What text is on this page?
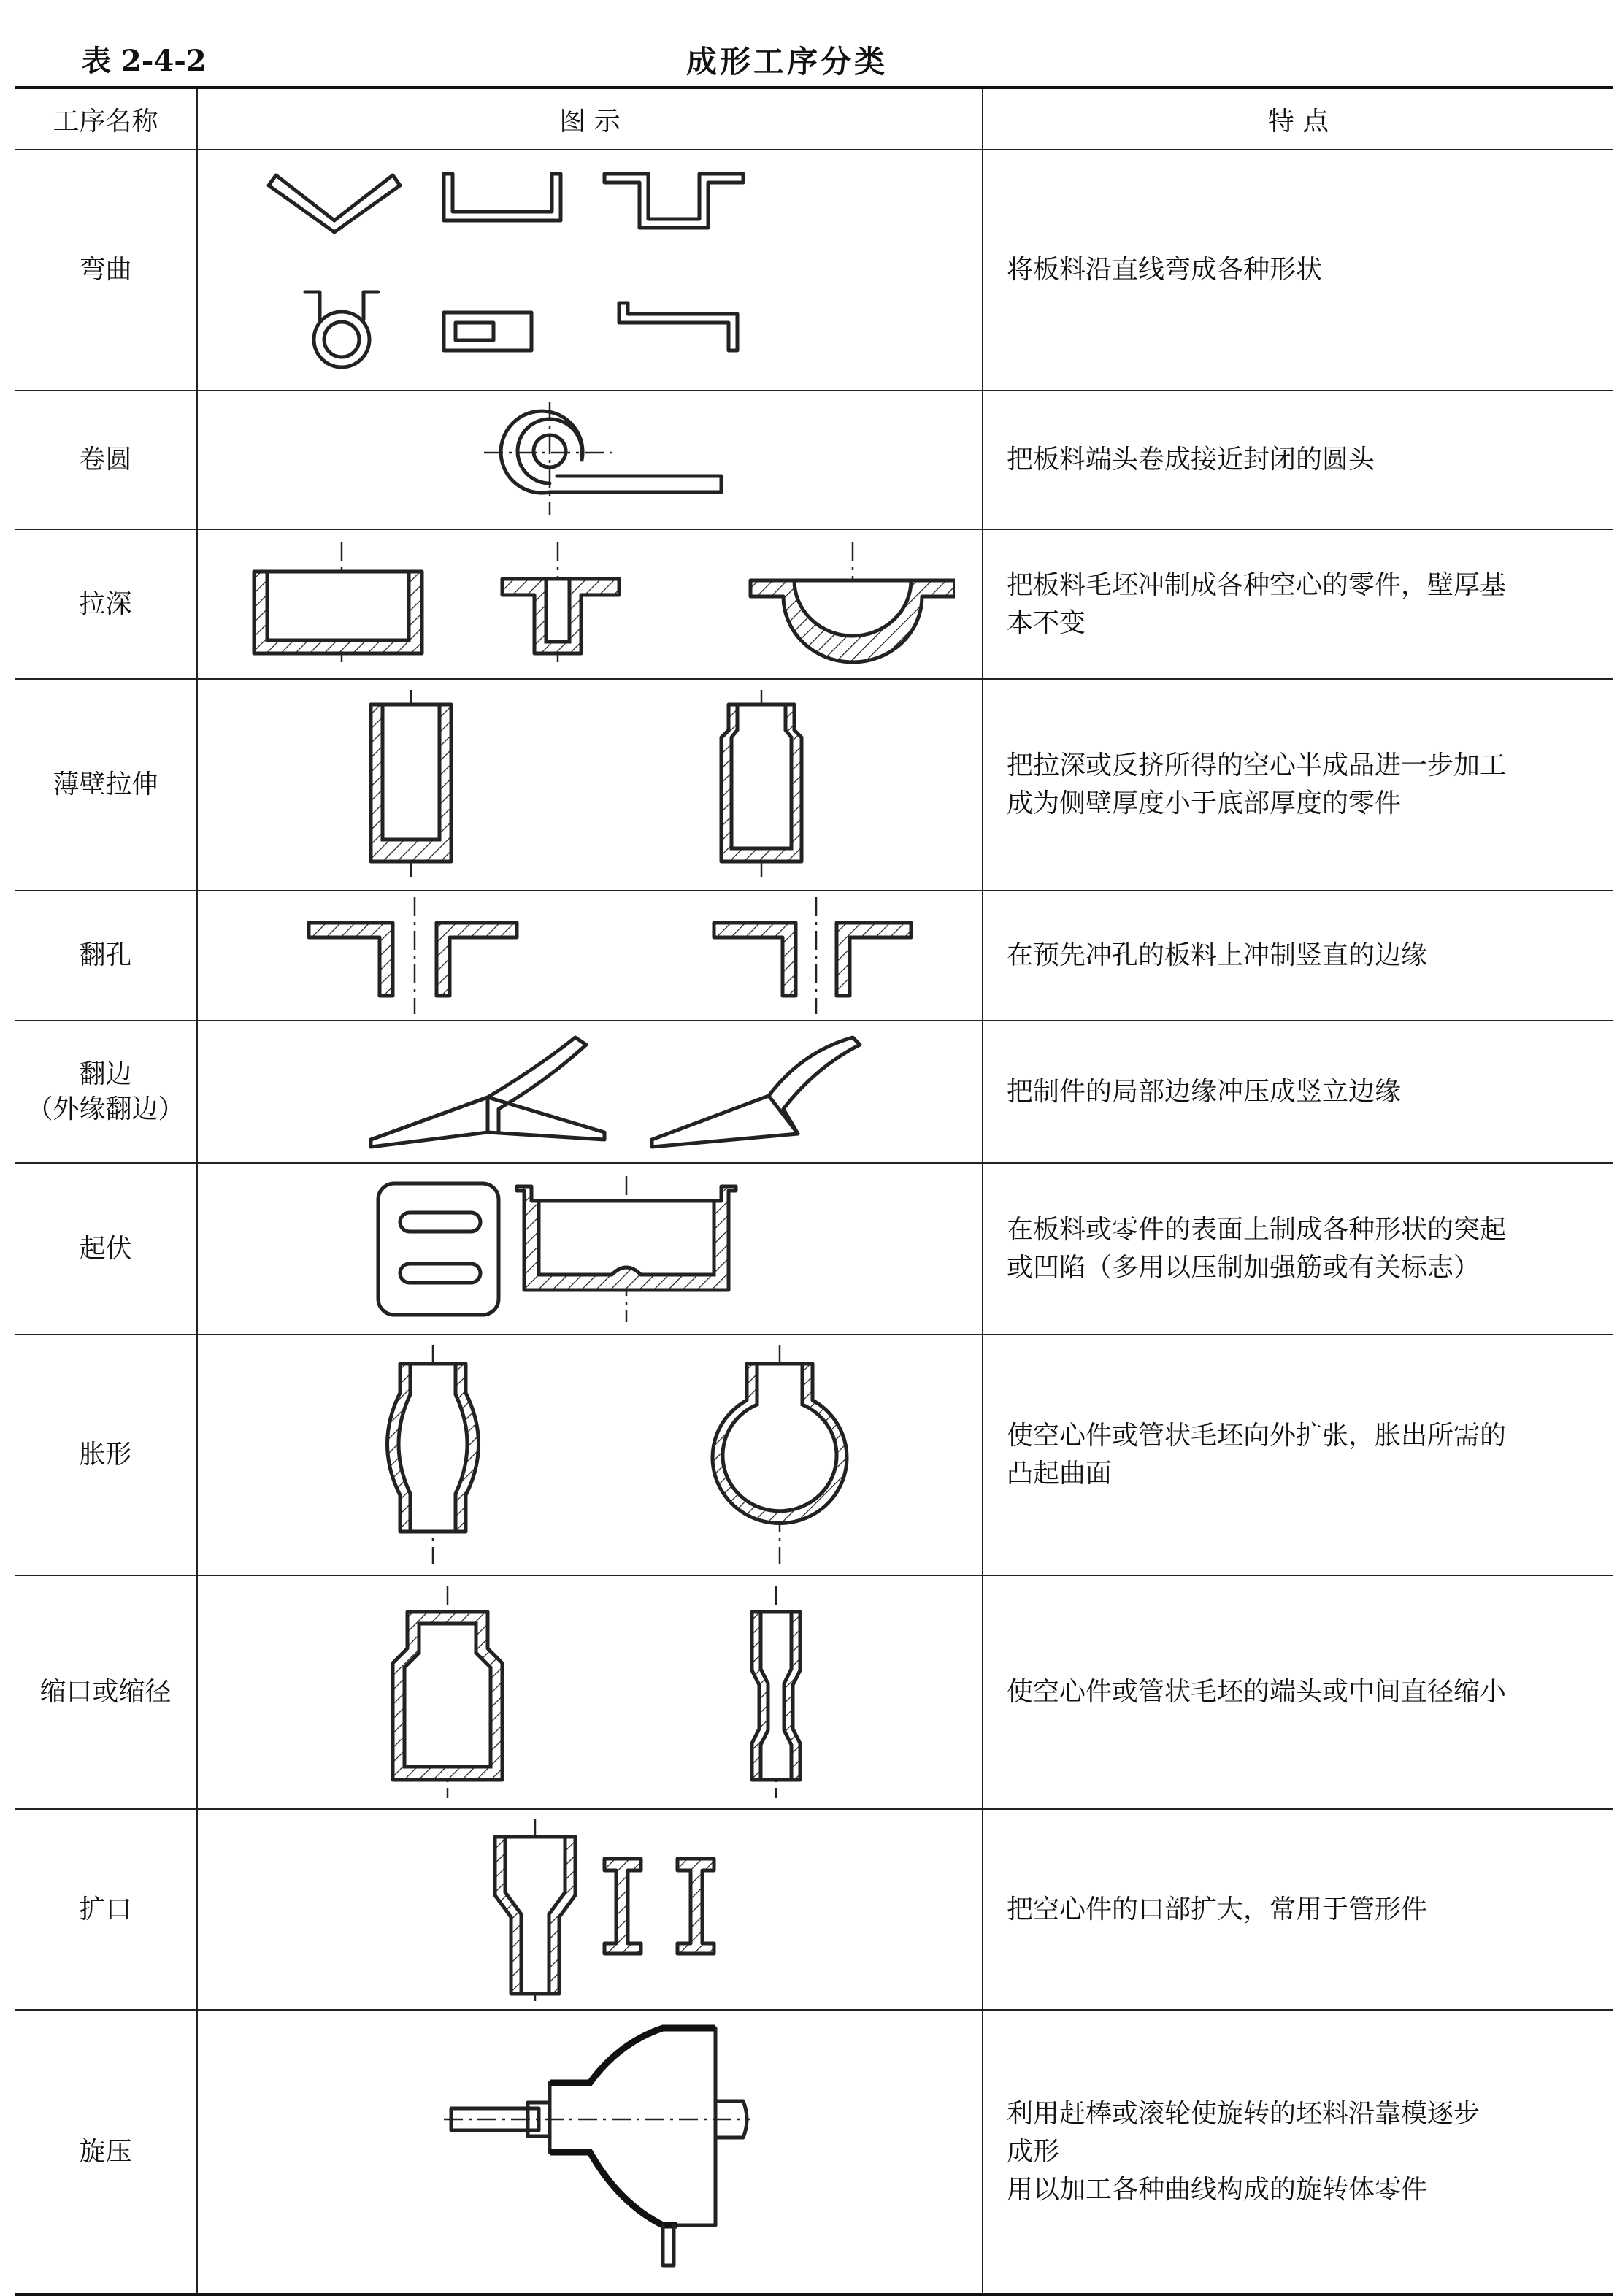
表 2-4-2	成形工序分类
工序名称	图 示	特 点
弯曲		将板料沿直线弯成各种形状

卷圆		把板料端头卷成接近封闭的圆头

拉深		把板料毛坯冲制成各种空心的零件，壁厚基
本不变

薄壁拉伸		把拉深或反挤所得的空心半成品进一步加工
成为侧壁厚度小于底部厚度的零件

翻孔		在预先冲孔的板料上冲制竖直的边缘

翻边
（外缘翻边）		把制件的局部边缘冲压成竖立边缘

起伏		在板料或零件的表面上制成各种形状的突起
或凹陷（多用以压制加强筋或有关标志）

胀形		使空心件或管状毛坯向外扩张，胀出所需的
凸起曲面

缩口或缩径		使空心件或管状毛坯的端头或中间直径缩小

扩口		把空心件的口部扩大，常用于管形件

旋压		利用赶棒或滚轮使旋转的坯料沿靠模逐步
成形
用以加工各种曲线构成的旋转体零件
